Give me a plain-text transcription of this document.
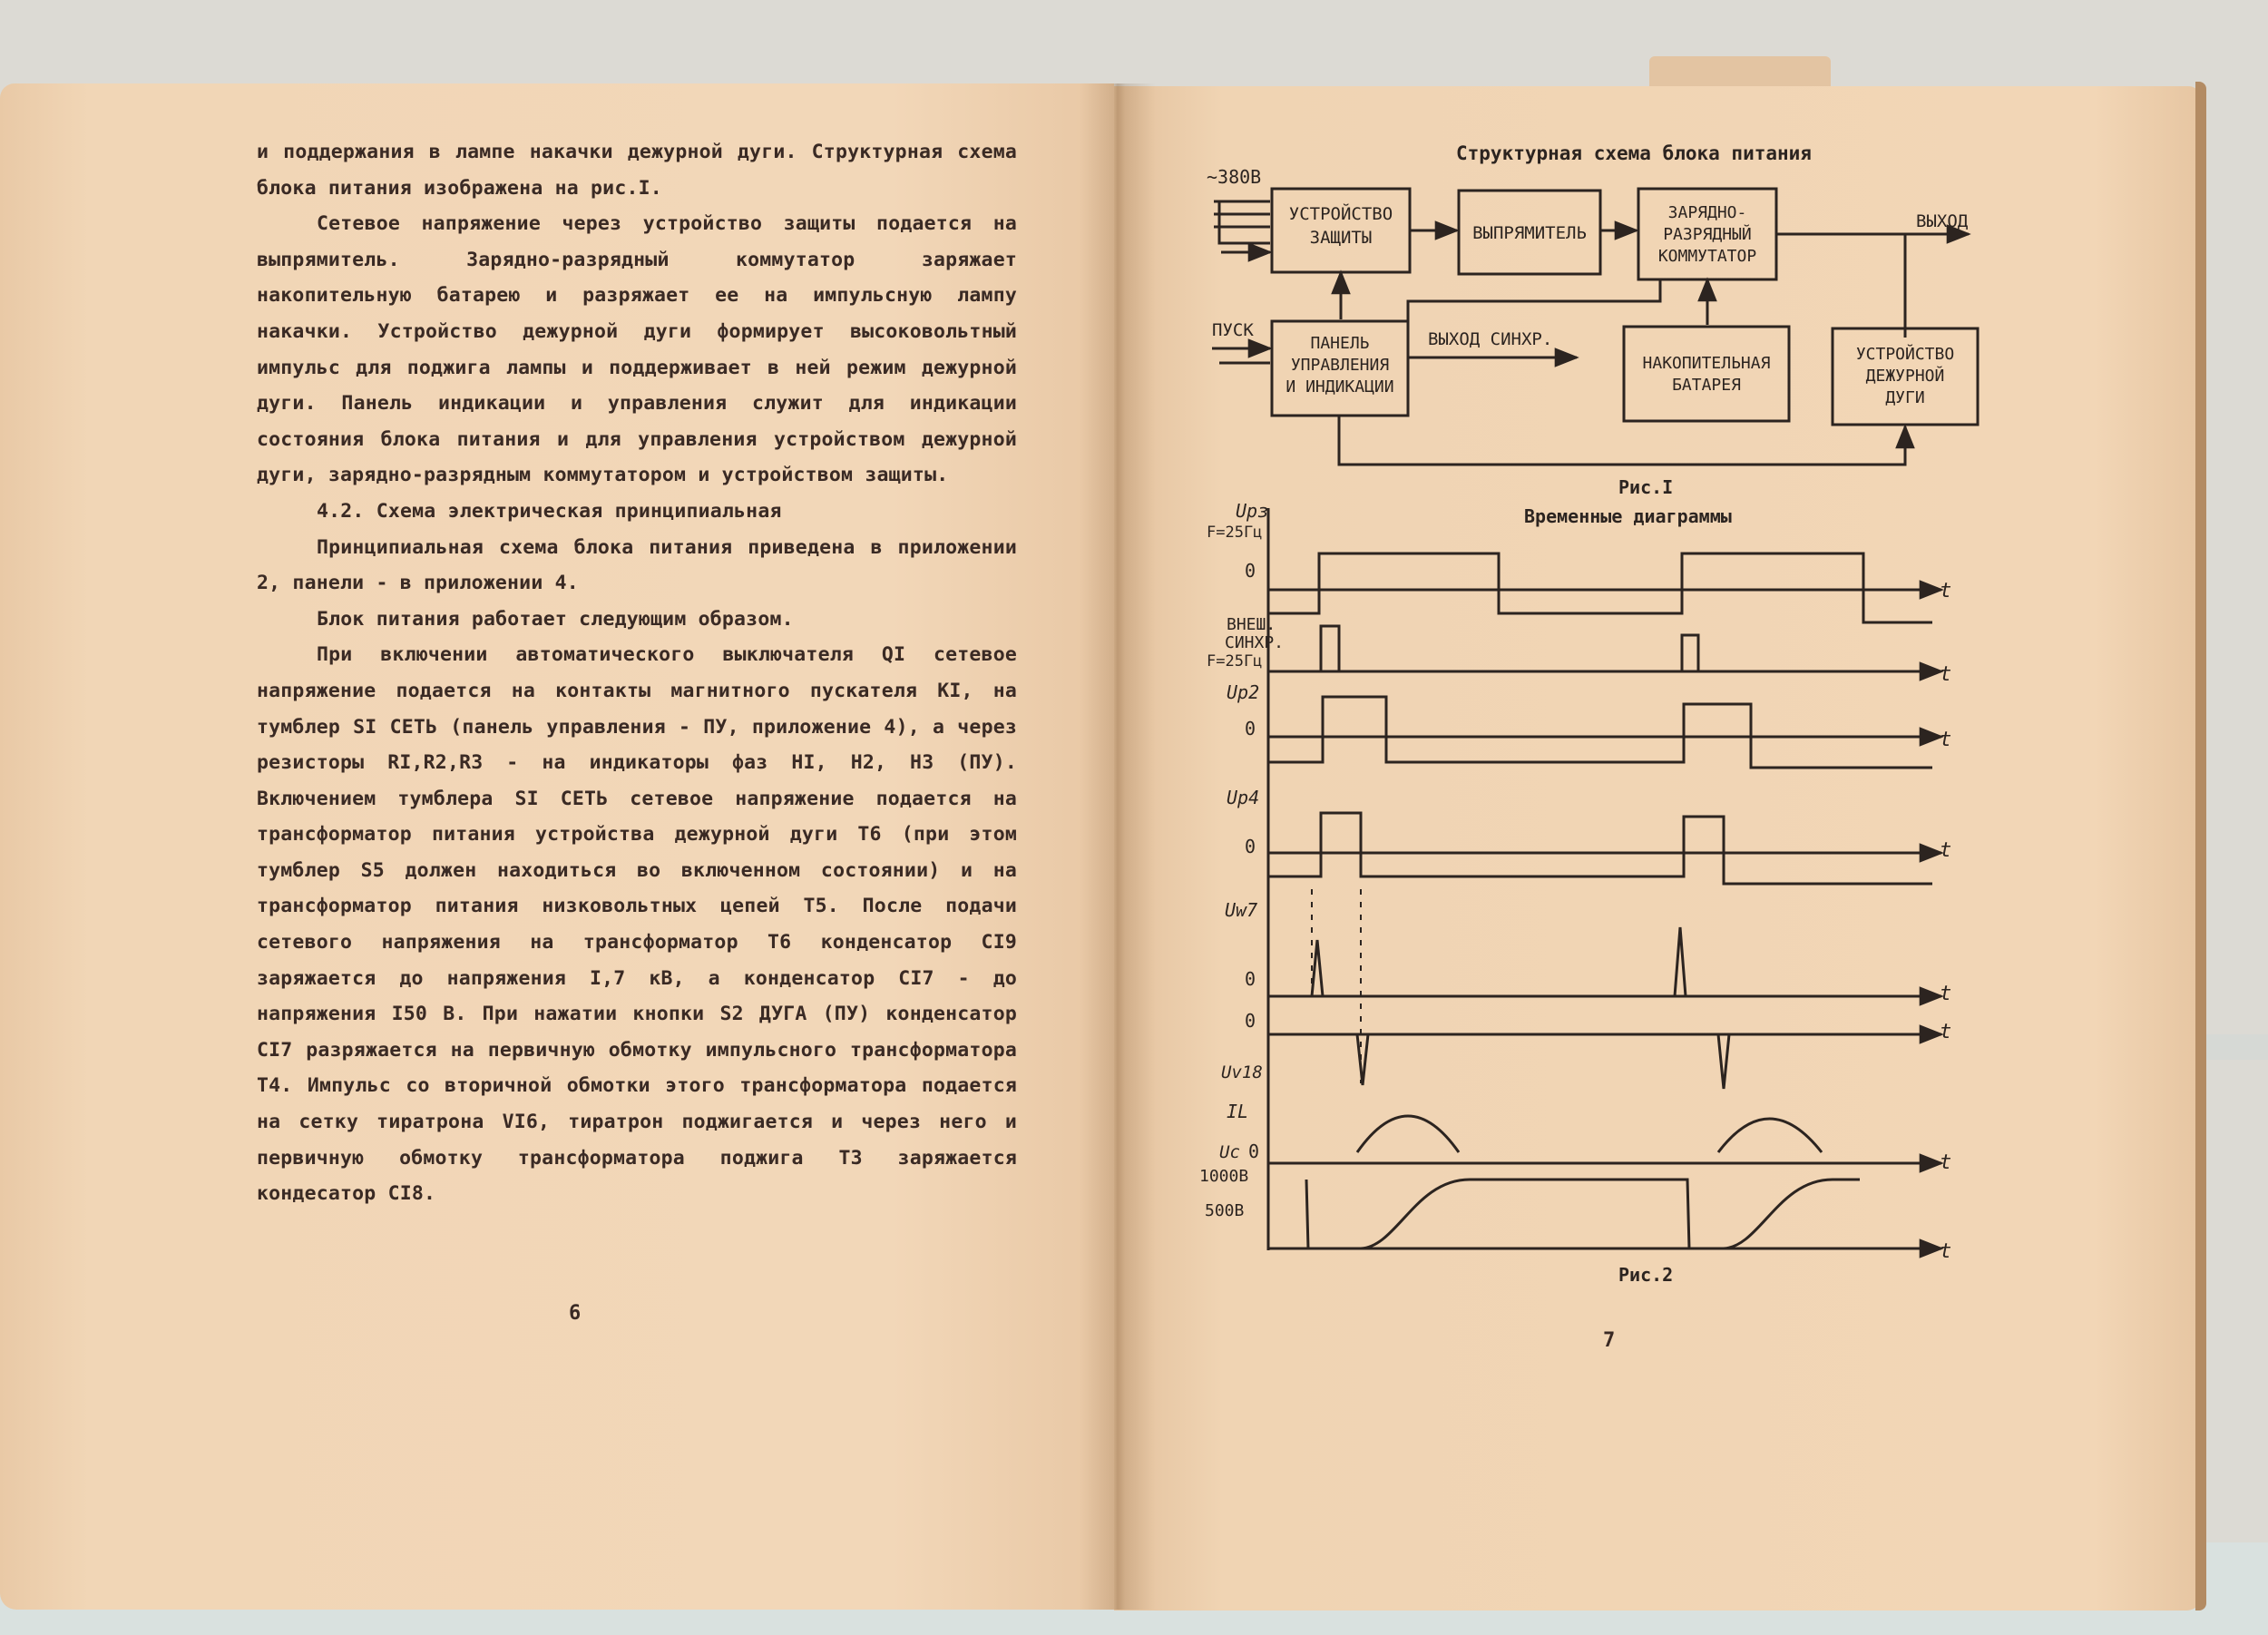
и поддержания в лампе накачки дежурной дуги. Структурная схема блока питания изображена на рис.I.

Сетевое напряжение через устройство защиты подается на выпрямитель. Зарядно-разрядный коммутатор заряжает накопительную батарею и разряжает ее на импульсную лампу накачки. Устройство дежурной дуги формирует высоковольтный импульс для поджига лампы и поддерживает в ней режим дежурной дуги. Панель индикации и управления служит для индикации состояния блока питания и для управления устройством дежурной дуги, зарядно-разрядным коммутатором и устройством защиты.

4.2. Схема электрическая принципиальная

Принципиальная схема блока питания приведена в приложении 2, панели - в приложении 4.

Блок питания работает следующим образом.

При включении автоматического выключателя QI сетевое напряжение подается на контакты магнитного пускателя KI, на тумблер SI СЕТЬ (панель управления - ПУ, приложение 4), а через резисторы RI,R2,R3 - на индикаторы фаз HI, H2, H3 (ПУ). Включением тумблера SI СЕТЬ сетевое напряжение подается на трансформатор питания устройства дежурной дуги T6 (при этом тумблер S5 должен находиться во включенном состоянии) и на трансформатор питания низковольтных цепей T5. После подачи сетевого напряжения на трансформатор T6 конденсатор CI9 заряжается до напряжения I,7 кВ, а конденсатор CI7 - до напряжения I50 В. При нажатии кнопки S2 ДУГА (ПУ) конденсатор CI7 разряжается на первичную обмотку импульсного трансформатора T4. Импульс со вторичной обмотки этого трансформатора подается на сетку тиратрона VI6, тиратрон поджигается и через него и первичную обмотку трансформатора поджига T3 заряжается кондесатор CI8.

6
7
Структурная схема блока питания
~380В
УСТРОЙСТВО
ЗАЩИТЫ	ВЫПРЯМИТЕЛЬ
ЗАРЯДНО-
РАЗРЯДНЫЙ
КОММУТАТОР
ВЫХОД
НАКОПИТЕЛЬНАЯ
БАТАРЕЯ
ПУСК
ПАНЕЛЬ
УПРАВЛЕНИЯ
И ИНДИКАЦИИ
ВЫХОД СИНХР.
УСТРОЙСТВО
ДЕЖУРНОЙ
ДУГИ
Рис.I
Временные диаграммы
Uрз
F=25Гц
0
ВНЕШ.
СИНХР.
F=25Гц
Uр2
0
Uр4
0
Uw7
0
0
Uv18
IL
Uc 0
1000В
500В
t
t
t
t
t
t
t
t
Рис.2
